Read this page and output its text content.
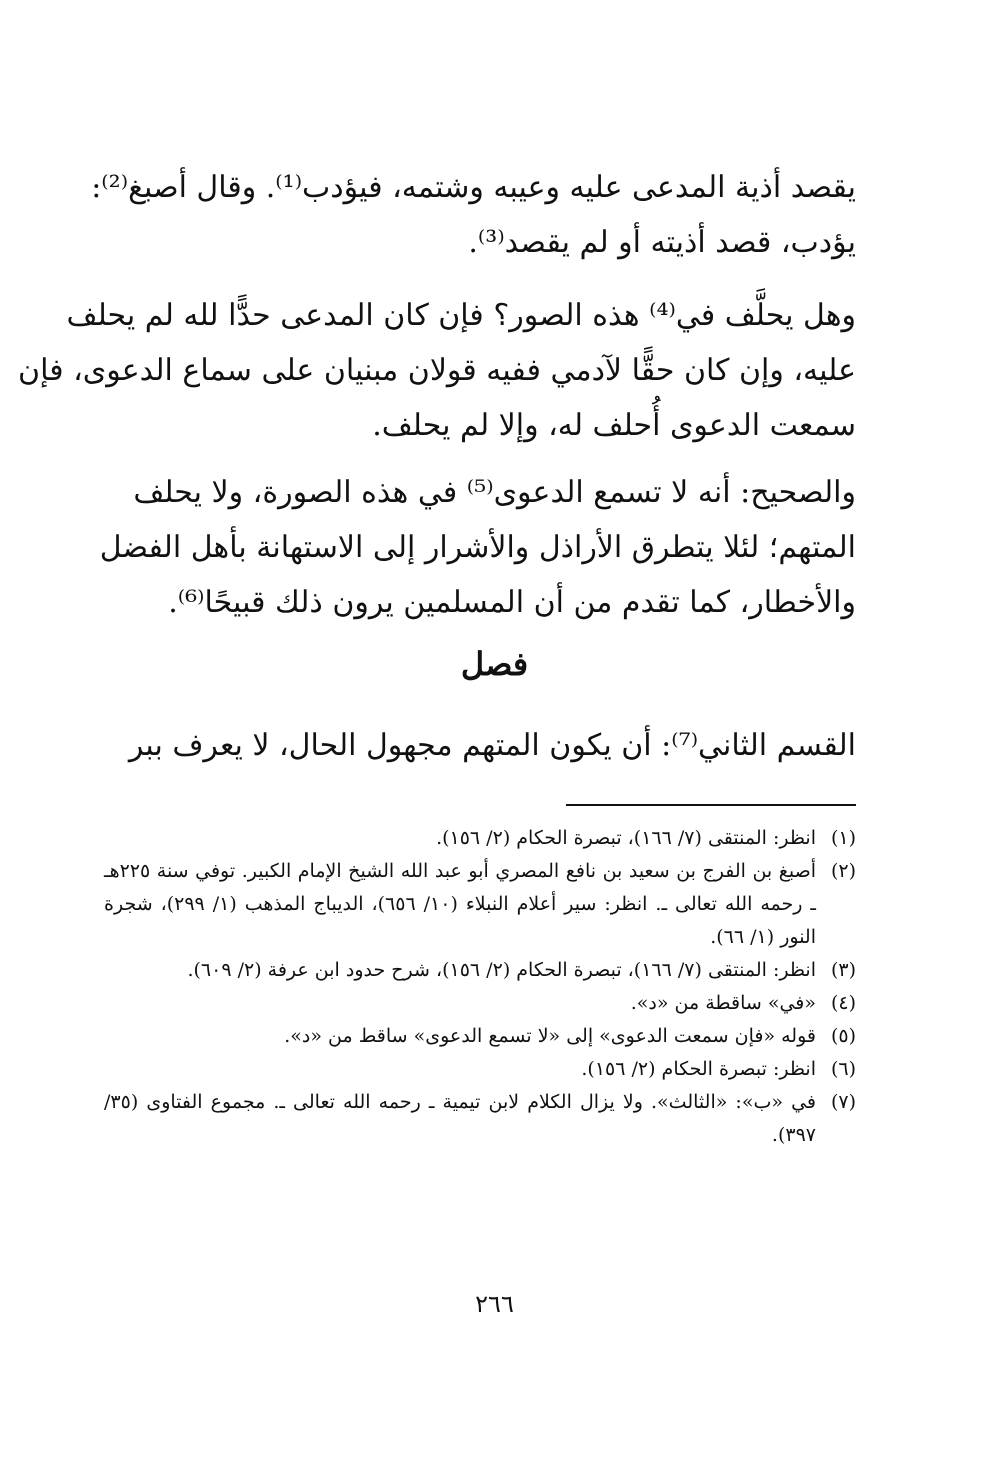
يقصد أذية المدعى عليه وعيبه وشتمه، فيؤدب⁽¹⁾. وقال أصبغ⁽²⁾:
يؤدب، قصد أذيته أو لم يقصد⁽³⁾.
وهل يحلَّف في⁽⁴⁾ هذه الصور؟ فإن كان المدعى حدًّا لله لم يحلف
عليه، وإن كان حقًّا لآدمي ففيه قولان مبنيان على سماع الدعوى، فإن
سمعت الدعوى أُحلف له، وإلا لم يحلف.
والصحيح: أنه لا تسمع الدعوى⁽⁵⁾ في هذه الصورة، ولا يحلف
المتهم؛ لئلا يتطرق الأراذل والأشرار إلى الاستهانة بأهل الفضل
والأخطار، كما تقدم من أن المسلمين يرون ذلك قبيحًا⁽⁶⁾.
فصل
القسم الثاني⁽⁷⁾: أن يكون المتهم مجهول الحال، لا يعرف ببر
(١)
انظر: المنتقى (٧/ ١٦٦)، تبصرة الحكام (٢/ ١٥٦).
(٢)
أصبغ بن الفرج بن سعيد بن نافع المصري أبو عبد الله الشيخ الإمام الكبير. توفي سنة ٢٢٥هـ ـ رحمه الله تعالى ـ. انظر: سير أعلام النبلاء (١٠/ ٦٥٦)، الديباج المذهب (١/ ٢٩٩)، شجرة النور (١/ ٦٦).
(٣)
انظر: المنتقى (٧/ ١٦٦)، تبصرة الحكام (٢/ ١٥٦)، شرح حدود ابن عرفة (٢/ ٦٠٩).
(٤)
«في» ساقطة من «د».
(٥)
قوله «فإن سمعت الدعوى» إلى «لا تسمع الدعوى» ساقط من «د».
(٦)
انظر: تبصرة الحكام (٢/ ١٥٦).
(٧)
في «ب»: «الثالث». ولا يزال الكلام لابن تيمية ـ رحمه الله تعالى ـ. مجموع الفتاوى (٣٥/ ٣٩٧).
٢٦٦
